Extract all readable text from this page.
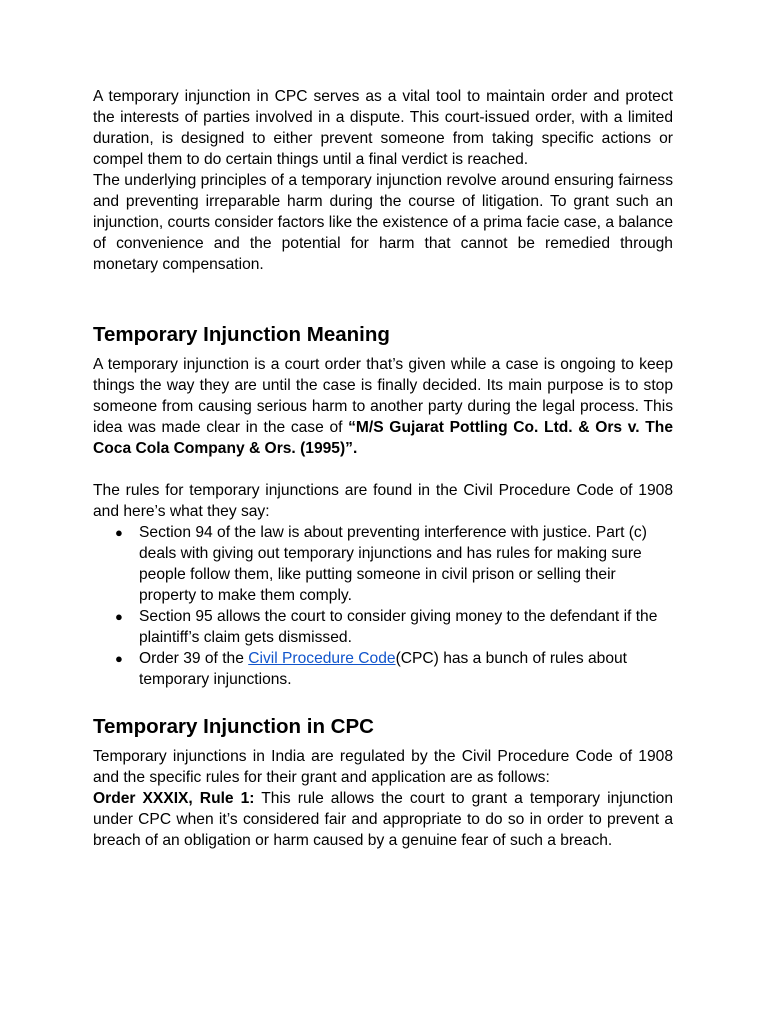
A temporary injunction in CPC serves as a vital tool to maintain order and protect the interests of parties involved in a dispute. This court-issued order, with a limited duration, is designed to either prevent someone from taking specific actions or compel them to do certain things until a final verdict is reached.

The underlying principles of a temporary injunction revolve around ensuring fairness and preventing irreparable harm during the course of litigation. To grant such an injunction, courts consider factors like the existence of a prima facie case, a balance of convenience and the potential for harm that cannot be remedied through monetary compensation.

Temporary Injunction Meaning

A temporary injunction is a court order that’s given while a case is ongoing to keep things the way they are until the case is finally decided. Its main purpose is to stop someone from causing serious harm to another party during the legal process. This idea was made clear in the case of “M/S Gujarat Pottling Co. Ltd. & Ors v. The Coca Cola Company & Ors. (1995)”.

The rules for temporary injunctions are found in the Civil Procedure Code of 1908 and here’s what they say:

● Section 94 of the law is about preventing interference with justice. Part (c) deals with giving out temporary injunctions and has rules for making sure people follow them, like putting someone in civil prison or selling their property to make them comply.
● Section 95 allows the court to consider giving money to the defendant if the plaintiff’s claim gets dismissed.
● Order 39 of the Civil Procedure Code(CPC) has a bunch of rules about temporary injunctions.
Temporary Injunction in CPC

Temporary injunctions in India are regulated by the Civil Procedure Code of 1908 and the specific rules for their grant and application are as follows:

Order XXXIX, Rule 1: This rule allows the court to grant a temporary injunction under CPC when it’s considered fair and appropriate to do so in order to prevent a breach of an obligation or harm caused by a genuine fear of such a breach.
